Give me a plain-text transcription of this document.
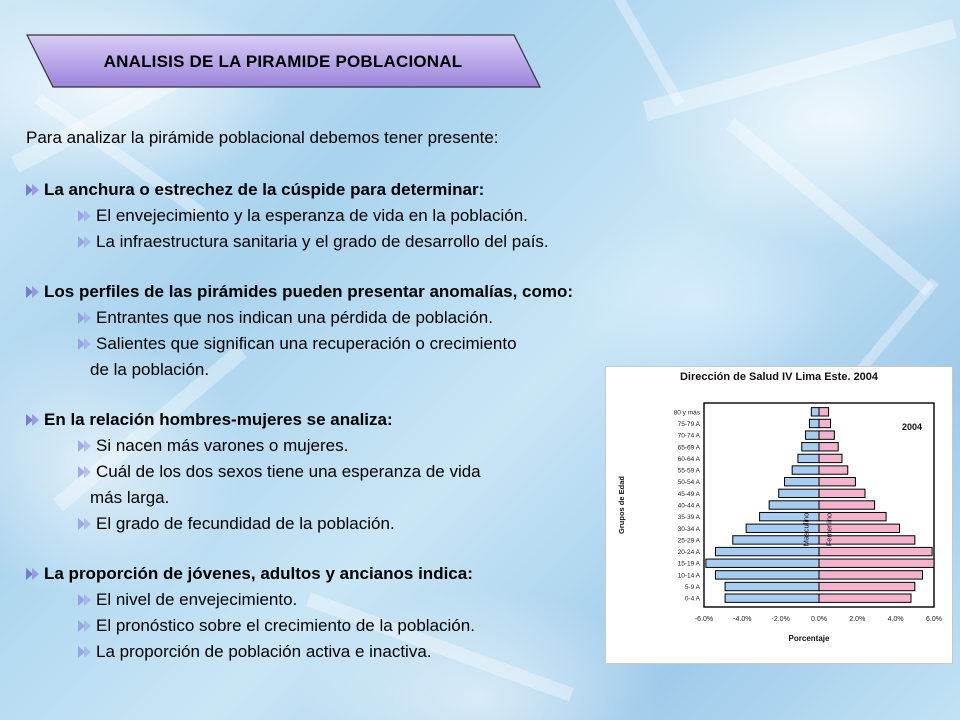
ANALISIS DE LA PIRAMIDE POBLACIONAL
Para analizar la pirámide poblacional debemos tener presente:
La anchura o estrechez de la cúspide para determinar:
El envejecimiento y la esperanza de vida en la población.
La infraestructura sanitaria y el grado de desarrollo del país.
Los perfiles de las pirámides pueden presentar anomalías, como:
Entrantes que nos indican una pérdida de población.
Salientes que significan una recuperación o crecimiento
de la población.
En la relación hombres-mujeres se analiza:
Si nacen más varones o mujeres.
Cuál de los dos sexos tiene una esperanza de vida
más larga.
El grado de fecundidad de la población.
La proporción de jóvenes, adultos y ancianos indica:
El nivel de envejecimiento.
El pronóstico sobre el crecimiento de la población.
La proporción de población activa e inactiva.
Dirección de Salud IV Lima Este. 2004
80 y más
75-79 A
70-74 A
65-69 A
60-64 A
55-59 A
50-54 A
45-49 A
40-44 A
35-39 A
30-34 A
25-29 A
20-24 A
15-19 A
10-14 A
5-9 A
0-4 A
Masculino Femenino
2004
-6.0%	-4.0%	-2.0%	0.0%	2.0%	4.0%	6.0%
Porcentaje
Grupos de Edad
